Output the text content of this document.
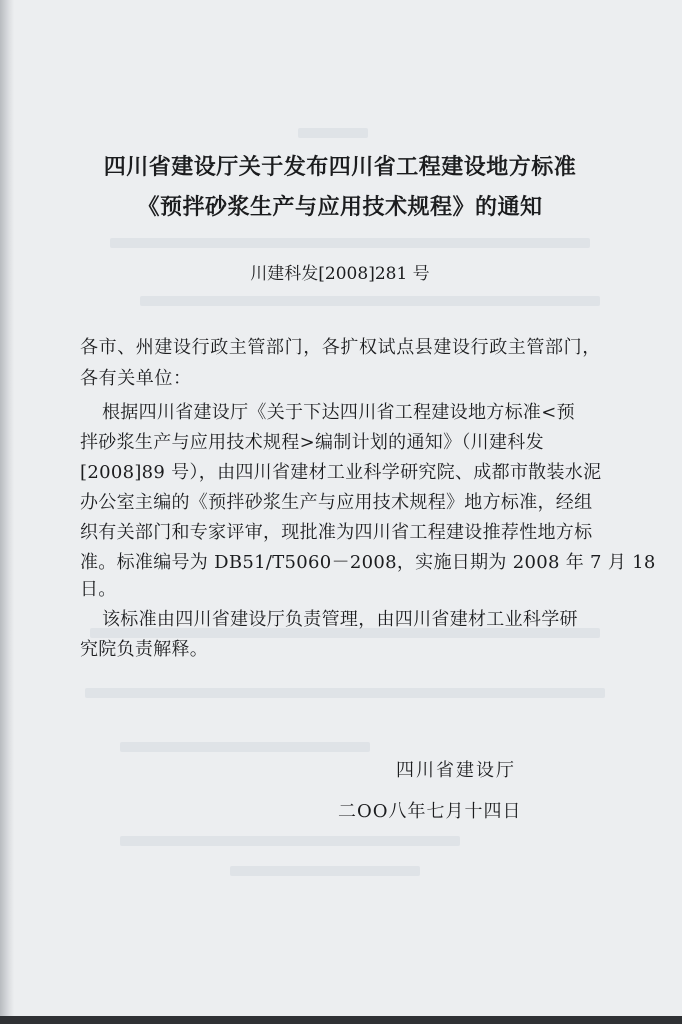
四川省建设厅关于发布四川省工程建设地方标准
《预拌砂浆生产与应用技术规程》的通知
川建科发[2008]281 号
各市、州建设行政主管部门，各扩权试点县建设行政主管部门，
各有关单位：
根据四川省建设厅《关于下达四川省工程建设地方标准<预
拌砂浆生产与应用技术规程>编制计划的通知》（川建科发
[2008]89 号），由四川省建材工业科学研究院、成都市散装水泥
办公室主编的《预拌砂浆生产与应用技术规程》地方标准，经组
织有关部门和专家评审，现批准为四川省工程建设推荐性地方标
准。标准编号为 DB51/T5060－2008，实施日期为 2008 年 7 月 18
日。
该标准由四川省建设厅负责管理，由四川省建材工业科学研
究院负责解释。
四川省建设厅
二OO八年七月十四日
